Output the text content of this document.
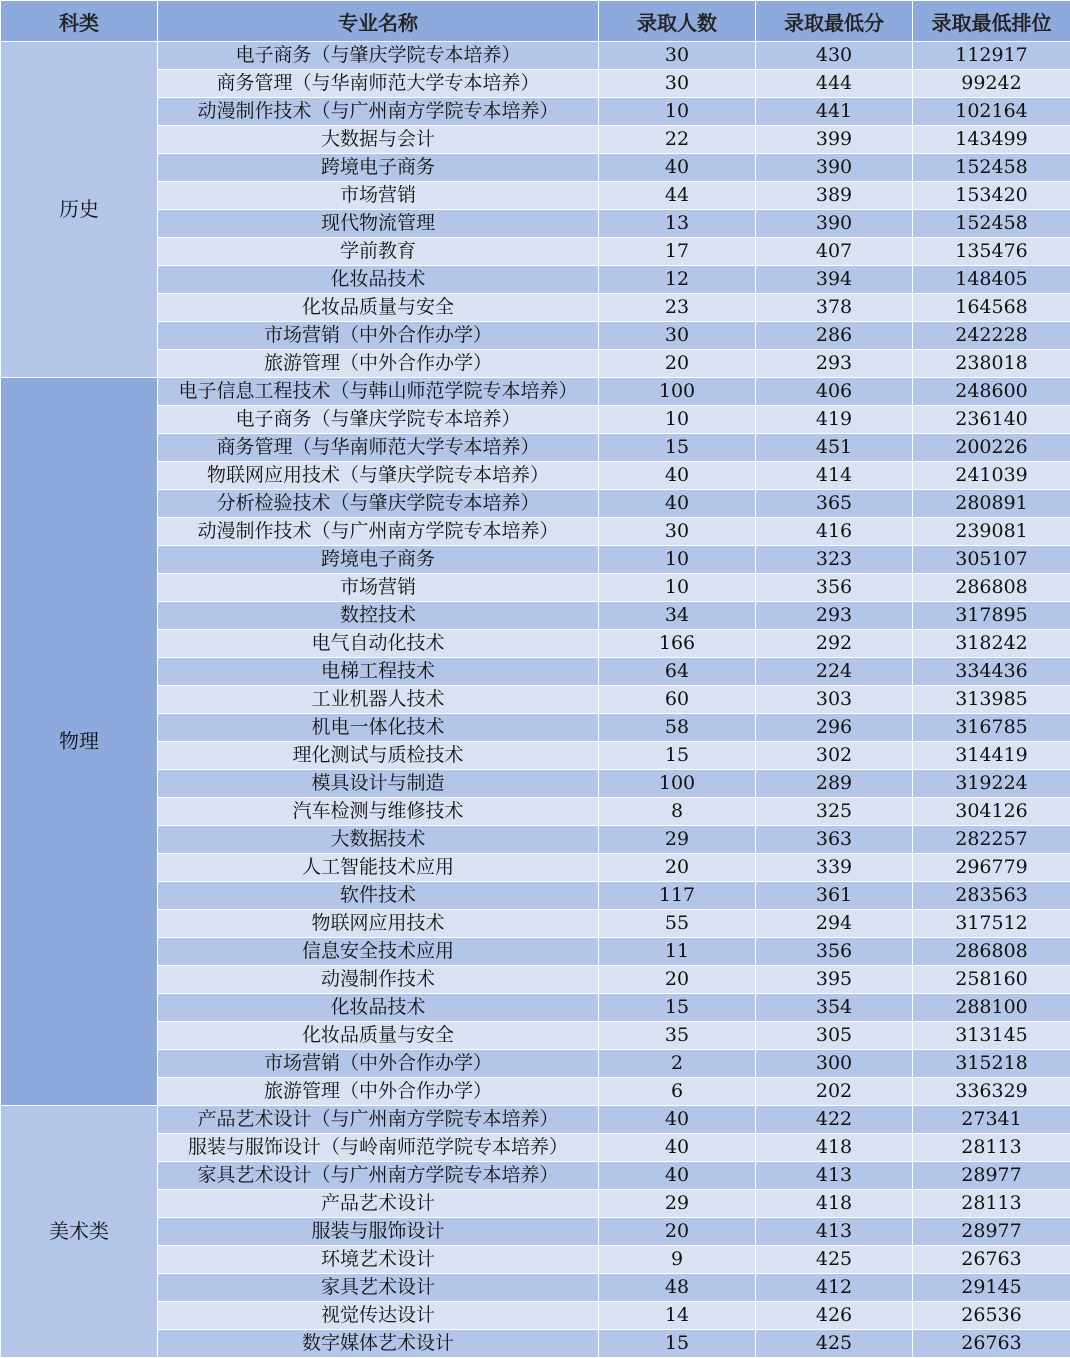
科类	专业名称	录取人数	录取最低分	录取最低排位
历史	电子商务（与肇庆学院专本培养）	30	430	112917
	商务管理（与华南师范大学专本培养）	30	444	99242
	动漫制作技术（与广州南方学院专本培养）	10	441	102164
	大数据与会计	22	399	143499
	跨境电子商务	40	390	152458
	市场营销	44	389	153420
	现代物流管理	13	390	152458
	学前教育	17	407	135476
	化妆品技术	12	394	148405
	化妆品质量与安全	23	378	164568
	市场营销（中外合作办学）	30	286	242228
	旅游管理（中外合作办学）	20	293	238018
物理	电子信息工程技术（与韩山师范学院专本培养）	100	406	248600
	电子商务（与肇庆学院专本培养）	10	419	236140
	商务管理（与华南师范大学专本培养）	15	451	200226
	物联网应用技术（与肇庆学院专本培养）	40	414	241039
	分析检验技术（与肇庆学院专本培养）	40	365	280891
	动漫制作技术（与广州南方学院专本培养）	30	416	239081
	跨境电子商务	10	323	305107
	市场营销	10	356	286808
	数控技术	34	293	317895
	电气自动化技术	166	292	318242
	电梯工程技术	64	224	334436
	工业机器人技术	60	303	313985
	机电一体化技术	58	296	316785
	理化测试与质检技术	15	302	314419
	模具设计与制造	100	289	319224
	汽车检测与维修技术	8	325	304126
	大数据技术	29	363	282257
	人工智能技术应用	20	339	296779
	软件技术	117	361	283563
	物联网应用技术	55	294	317512
	信息安全技术应用	11	356	286808
	动漫制作技术	20	395	258160
	化妆品技术	15	354	288100
	化妆品质量与安全	35	305	313145
	市场营销（中外合作办学）	2	300	315218
	旅游管理（中外合作办学）	6	202	336329
美术类	产品艺术设计（与广州南方学院专本培养）	40	422	27341
	服装与服饰设计（与岭南师范学院专本培养）	40	418	28113
	家具艺术设计（与广州南方学院专本培养）	40	413	28977
	产品艺术设计	29	418	28113
	服装与服饰设计	20	413	28977
	环境艺术设计	9	425	26763
	家具艺术设计	48	412	29145
	视觉传达设计	14	426	26536
	数字媒体艺术设计	15	425	26763
